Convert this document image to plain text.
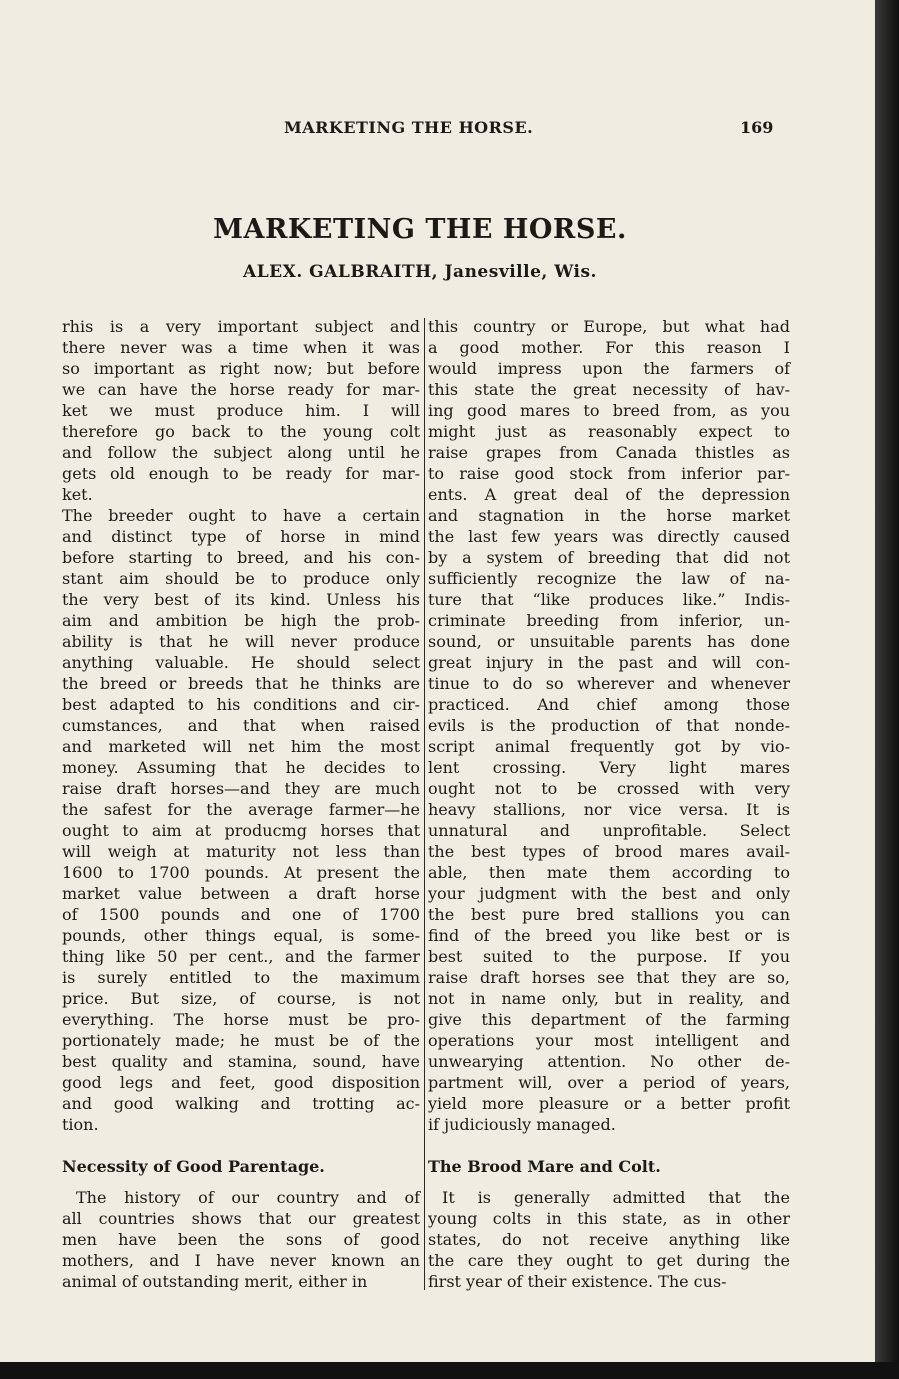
MARKETING THE HORSE.	169
MARKETING THE HORSE.
ALEX. GALBRAITH, Janesville, Wis.
rhis is a very important subject and
there never was a time when it was
so important as right now; but before
we can have the horse ready for mar-
ket we must produce him. I will
therefore go back to the young colt
and follow the subject along until he
gets old enough to be ready for mar-
ket.
The breeder ought to have a certain
and distinct type of horse in mind
before starting to breed, and his con-
stant aim should be to produce only
the very best of its kind. Unless his
aim and ambition be high the prob-
ability is that he will never produce
anything valuable. He should select
the breed or breeds that he thinks are
best adapted to his conditions and cir-
cumstances, and that when raised
and marketed will net him the most
money. Assuming that he decides to
raise draft horses—and they are much
the safest for the average farmer—he
ought to aim at producmg horses that
will weigh at maturity not less than
1600 to 1700 pounds. At present the
market value between a draft horse
of 1500 pounds and one of 1700
pounds, other things equal, is some-
thing like 50 per cent., and the farmer
is surely entitled to the maximum
price. But size, of course, is not
everything. The horse must be pro-
portionately made; he must be of the
best quality and stamina, sound, have
good legs and feet, good disposition
and good walking and trotting ac-
tion.

Necessity of Good Parentage.

The history of our country and of
all countries shows that our greatest
men have been the sons of good
mothers, and I have never known an
animal of outstanding merit, either in
this country or Europe, but what had
a good mother. For this reason I
would impress upon the farmers of
this state the great necessity of hav-
ing good mares to breed from, as you
might just as reasonably expect to
raise grapes from Canada thistles as
to raise good stock from inferior par-
ents. A great deal of the depression
and stagnation in the horse market
the last few years was directly caused
by a system of breeding that did not
sufficiently recognize the law of na-
ture that “like produces like.” Indis-
criminate breeding from inferior, un-
sound, or unsuitable parents has done
great injury in the past and will con-
tinue to do so wherever and whenever
practiced. And chief among those
evils is the production of that nonde-
script animal frequently got by vio-
lent crossing. Very light mares
ought not to be crossed with very
heavy stallions, nor vice versa. It is
unnatural and unprofitable. Select
the best types of brood mares avail-
able, then mate them according to
your judgment with the best and only
the best pure bred stallions you can
find of the breed you like best or is
best suited to the purpose. If you
raise draft horses see that they are so,
not in name only, but in reality, and
give this department of the farming
operations your most intelligent and
unwearying attention. No other de-
partment will, over a period of years,
yield more pleasure or a better profit
if judiciously managed.

The Brood Mare and Colt.

It is generally admitted that the
young colts in this state, as in other
states, do not receive anything like
the care they ought to get during the
first year of their existence. The cus-
